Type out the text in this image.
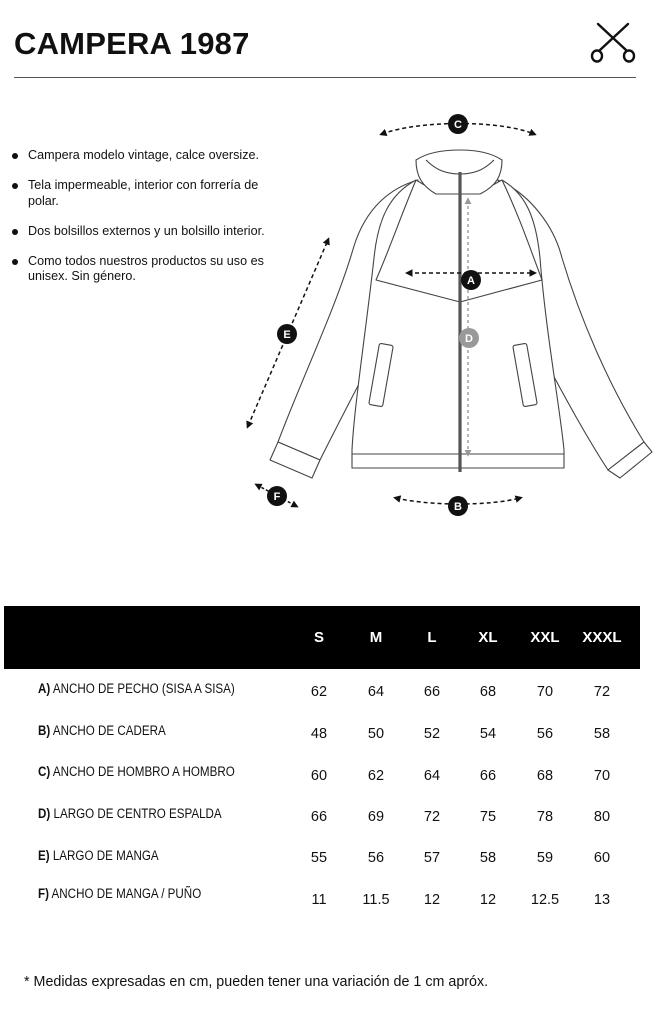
CAMPERA 1987
Campera modelo vintage, calce oversize.
Tela impermeable, interior con forrería de polar.
Dos bolsillos externos y un bolsillo interior.
Como todos nuestros productos su uso es unisex. Sin género.
C
A
D
E
B
F
S	M	L	XL	XXL	XXXL
A) ANCHO DE PECHO (SISA A SISA)	62	64	66	68	70	72
B) ANCHO DE CADERA	48	50	52	54	56	58
C) ANCHO DE HOMBRO A HOMBRO	60	62	64	66	68	70
D) LARGO DE CENTRO ESPALDA	66	69	72	75	78	80
E) LARGO DE MANGA	55	56	57	58	59	60
F) ANCHO DE MANGA / PUÑO	11	11.5	12	12	12.5	13
* Medidas expresadas en cm, pueden tener una variación de 1 cm apróx.
